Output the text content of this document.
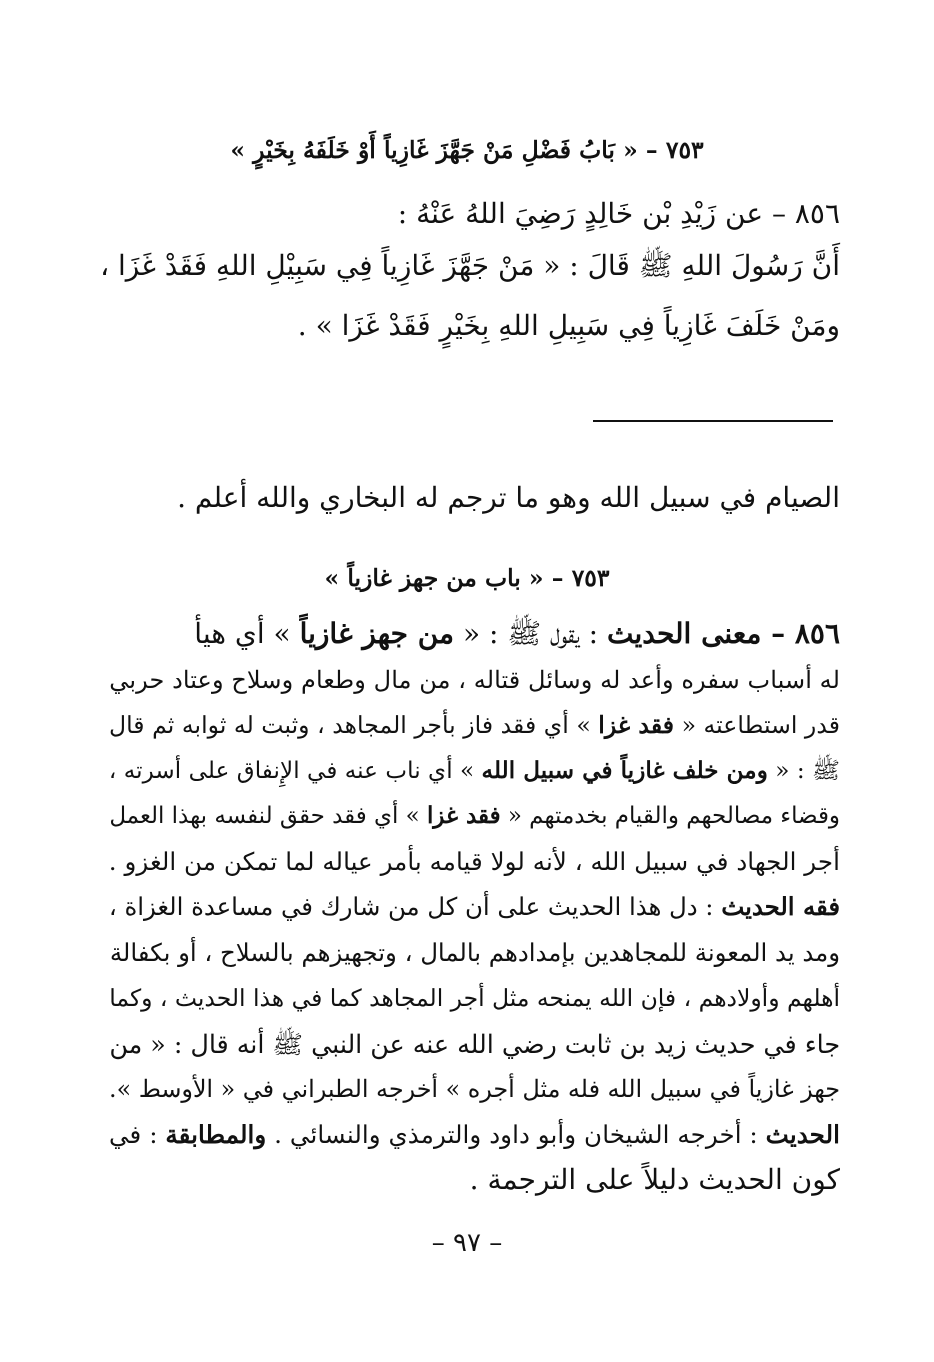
٧٥٣ – « بَابُ فَضْلِ مَنْ جَهَّزَ غَازِياً أَوْ خَلَفَهُ بِخَيْرٍ »

٨٥٦ – عن زَيْدِ بْن خَالِدٍ رَضِيَ اللهُ عَنْهُ :

أَنَّ رَسُولَ اللهِ ﷺ قَالَ : « مَنْ جَهَّزَ غَازِياً فِي سَبِيْلِ اللهِ فَقَدْ غَزَا ،

ومَنْ خَلَفَ غَازِياً فِي سَبِيلِ اللهِ بِخَيْرٍ فَقَدْ غَزَا » .

الصيام في سبيل الله وهو ما ترجم له البخاري والله أعلم .

٧٥٣ – « باب من جهز غازياً »

٨٥٦ – معنى الحديث : يقول ﷺ : « من جهز غازياً » أي هيأ

له أسباب سفره وأعد له وسائل قتاله ، من مال وطعام وسلاح وعتاد حربي

قدر استطاعته « فقد غزا » أي فقد فاز بأجر المجاهد ، وثبت له ثوابه ثم قال

ﷺ : « ومن خلف غازياً في سبيل الله » أي ناب عنه في الإِنفاق على أسرته ،

وقضاء مصالحهم والقيام بخدمتهم « فقد غزا » أي فقد حقق لنفسه بهذا العمل

أجر الجهاد في سبيل الله ، لأنه لولا قيامه بأمر عياله لما تمكن من الغزو .

فقه الحديث : دل هذا الحديث على أن كل من شارك في مساعدة الغزاة ،

ومد يد المعونة للمجاهدين بإمدادهم بالمال ، وتجهيزهم بالسلاح ، أو بكفالة

أهلهم وأولادهم ، فإن الله يمنحه مثل أجر المجاهد كما في هذا الحديث ، وكما

جاء في حديث زيد بن ثابت رضي الله عنه عن النبي ﷺ أنه قال : « من

جهز غازياً في سبيل الله فله مثل أجره » أخرجه الطبراني في « الأوسط ».

الحديث : أخرجه الشيخان وأبو داود والترمذي والنسائي . والمطابقة : في

كون الحديث دليلاً على الترجمة .

– ٩٧ –
